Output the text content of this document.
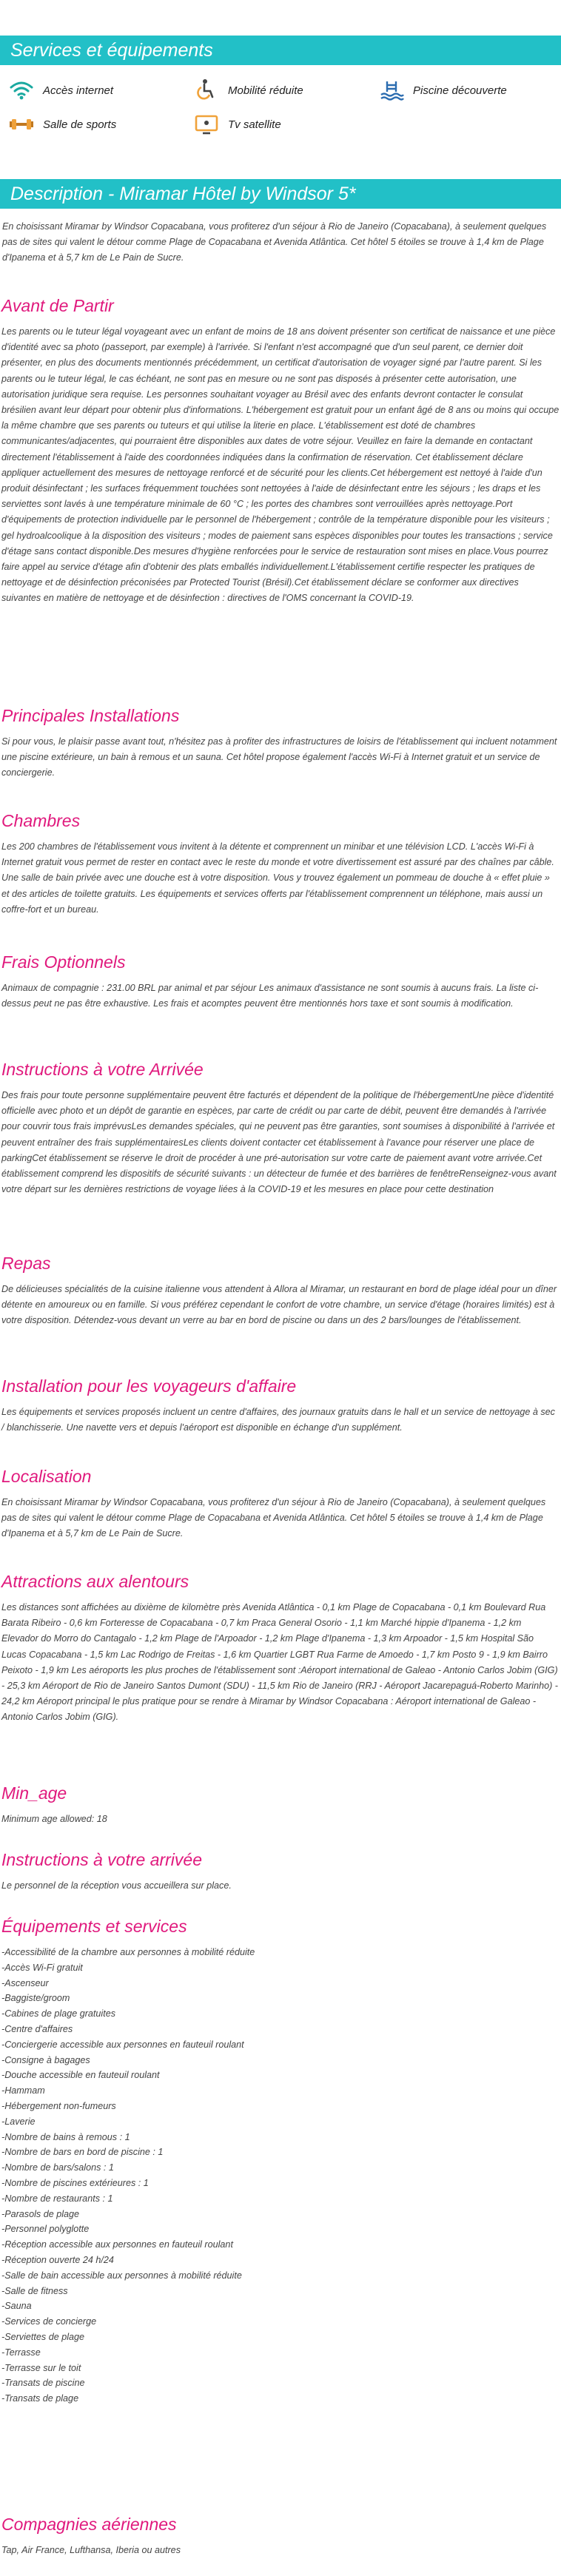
Services et équipements
Accès internet	Mobilité réduite	Piscine découverte
Salle de sports	Tv satellite
Description - Miramar Hôtel by Windsor 5*

En choisissant Miramar by Windsor Copacabana, vous profiterez d'un séjour à Rio de Janeiro (Copacabana), à seulement quelques pas de sites qui valent le détour comme Plage de Copacabana et Avenida Atlântica. Cet hôtel 5 étoiles se trouve à 1,4 km de Plage d'Ipanema et à 5,7 km de Le Pain de Sucre.

Avant de Partir

Les parents ou le tuteur légal voyageant avec un enfant de moins de 18 ans doivent présenter son certificat de naissance et une pièce d'identité avec sa photo (passeport, par exemple) à l'arrivée. Si l'enfant n'est accompagné que d'un seul parent, ce dernier doit présenter, en plus des documents mentionnés précédemment, un certificat d'autorisation de voyager signé par l'autre parent. Si les parents ou le tuteur légal, le cas échéant, ne sont pas en mesure ou ne sont pas disposés à présenter cette autorisation, une autorisation juridique sera requise. Les personnes souhaitant voyager au Brésil avec des enfants devront contacter le consulat brésilien avant leur départ pour obtenir plus d'informations. L'hébergement est gratuit pour un enfant âgé de 8 ans ou moins qui occupe la même chambre que ses parents ou tuteurs et qui utilise la literie en place. L'établissement est doté de chambres communicantes/adjacentes, qui pourraient être disponibles aux dates de votre séjour. Veuillez en faire la demande en contactant directement l'établissement à l'aide des coordonnées indiquées dans la confirmation de réservation. Cet établissement déclare appliquer actuellement des mesures de nettoyage renforcé et de sécurité pour les clients.Cet hébergement est nettoyé à l'aide d'un produit désinfectant ; les surfaces fréquemment touchées sont nettoyées à l'aide de désinfectant entre les séjours ; les draps et les serviettes sont lavés à une température minimale de 60 °C ; les portes des chambres sont verrouillées après nettoyage.Port d'équipements de protection individuelle par le personnel de l'hébergement ; contrôle de la température disponible pour les visiteurs ; gel hydroalcoolique à la disposition des visiteurs ; modes de paiement sans espèces disponibles pour toutes les transactions ; service d'étage sans contact disponible.Des mesures d'hygiène renforcées pour le service de restauration sont mises en place.Vous pourrez faire appel au service d'étage afin d'obtenir des plats emballés individuellement.L'établissement certifie respecter les pratiques de nettoyage et de désinfection préconisées par Protected Tourist (Brésil).Cet établissement déclare se conformer aux directives suivantes en matière de nettoyage et de désinfection : directives de l'OMS concernant la COVID-19.

Principales Installations

Si pour vous, le plaisir passe avant tout, n'hésitez pas à profiter des infrastructures de loisirs de l'établissement qui incluent notamment une piscine extérieure, un bain à remous et un sauna. Cet hôtel propose également l'accès Wi-Fi à Internet gratuit et un service de conciergerie.

Chambres

Les 200 chambres de l'établissement vous invitent à la détente et comprennent un minibar et une télévision LCD. L'accès Wi-Fi à Internet gratuit vous permet de rester en contact avec le reste du monde et votre divertissement est assuré par des chaînes par câble. Une salle de bain privée avec une douche est à votre disposition. Vous y trouvez également un pommeau de douche à « effet pluie » et des articles de toilette gratuits. Les équipements et services offerts par l'établissement comprennent un téléphone, mais aussi un coffre-fort et un bureau.

Frais Optionnels

Animaux de compagnie : 231.00 BRL par animal et par séjour Les animaux d'assistance ne sont soumis à aucuns frais. La liste ci-dessus peut ne pas être exhaustive. Les frais et acomptes peuvent être mentionnés hors taxe et sont soumis à modification.

Instructions à votre Arrivée

Des frais pour toute personne supplémentaire peuvent être facturés et dépendent de la politique de l'hébergementUne pièce d'identité officielle avec photo et un dépôt de garantie en espèces, par carte de crédit ou par carte de débit, peuvent être demandés à l'arrivée pour couvrir tous frais imprévusLes demandes spéciales, qui ne peuvent pas être garanties, sont soumises à disponibilité à l'arrivée et peuvent entraîner des frais supplémentairesLes clients doivent contacter cet établissement à l'avance pour réserver une place de parkingCet établissement se réserve le droit de procéder à une pré-autorisation sur votre carte de paiement avant votre arrivée.Cet établissement comprend les dispositifs de sécurité suivants : un détecteur de fumée et des barrières de fenêtreRenseignez-vous avant votre départ sur les dernières restrictions de voyage liées à la COVID-19 et les mesures en place pour cette destination

Repas

De délicieuses spécialités de la cuisine italienne vous attendent à Allora al Miramar, un restaurant en bord de plage idéal pour un dîner détente en amoureux ou en famille. Si vous préférez cependant le confort de votre chambre, un service d'étage (horaires limités) est à votre disposition. Détendez-vous devant un verre au bar en bord de piscine ou dans un des 2 bars/lounges de l'établissement.

Installation pour les voyageurs d'affaire

Les équipements et services proposés incluent un centre d'affaires, des journaux gratuits dans le hall et un service de nettoyage à sec / blanchisserie. Une navette vers et depuis l'aéroport est disponible en échange d'un supplément.

Localisation

En choisissant Miramar by Windsor Copacabana, vous profiterez d'un séjour à Rio de Janeiro (Copacabana), à seulement quelques pas de sites qui valent le détour comme Plage de Copacabana et Avenida Atlântica. Cet hôtel 5 étoiles se trouve à 1,4 km de Plage d'Ipanema et à 5,7 km de Le Pain de Sucre.

Attractions aux alentours

Les distances sont affichées au dixième de kilomètre près Avenida Atlântica - 0,1 km Plage de Copacabana - 0,1 km Boulevard Rua Barata Ribeiro - 0,6 km Forteresse de Copacabana - 0,7 km Praca General Osorio - 1,1 km Marché hippie d'Ipanema - 1,2 km Elevador do Morro do Cantagalo - 1,2 km Plage de l'Arpoador - 1,2 km Plage d'Ipanema - 1,3 km Arpoador - 1,5 km Hospital São Lucas Copacabana - 1,5 km Lac Rodrigo de Freitas - 1,6 km Quartier LGBT Rua Farme de Amoedo - 1,7 km Posto 9 - 1,9 km Bairro Peixoto - 1,9 km Les aéroports les plus proches de l'établissement sont :Aéroport international de Galeao - Antonio Carlos Jobim (GIG) - 25,3 km Aéroport de Rio de Janeiro Santos Dumont (SDU) - 11,5 km Rio de Janeiro (RRJ - Aéroport Jacarepaguá-Roberto Marinho) - 24,2 km Aéroport principal le plus pratique pour se rendre à Miramar by Windsor Copacabana : Aéroport international de Galeao - Antonio Carlos Jobim (GIG).

Min_age

Minimum age allowed: 18

Instructions à votre arrivée

Le personnel de la réception vous accueillera sur place.

Équipements et services
-Accessibilité de la chambre aux personnes à mobilité réduite
-Accès Wi-Fi gratuit
-Ascenseur
-Baggiste/groom
-Cabines de plage gratuites
-Centre d'affaires
-Conciergerie accessible aux personnes en fauteuil roulant
-Consigne à bagages
-Douche accessible en fauteuil roulant
-Hammam
-Hébergement non-fumeurs
-Laverie
-Nombre de bains à remous : 1
-Nombre de bars en bord de piscine : 1
-Nombre de bars/salons : 1
-Nombre de piscines extérieures : 1
-Nombre de restaurants : 1
-Parasols de plage
-Personnel polyglotte
-Réception accessible aux personnes en fauteuil roulant
-Réception ouverte 24 h/24
-Salle de bain accessible aux personnes à mobilité réduite
-Salle de fitness
-Sauna
-Services de concierge
-Serviettes de plage
-Terrasse
-Terrasse sur le toit
-Transats de piscine
-Transats de plage
Compagnies aériennes

Tap, Air France, Lufthansa, Iberia ou autres
